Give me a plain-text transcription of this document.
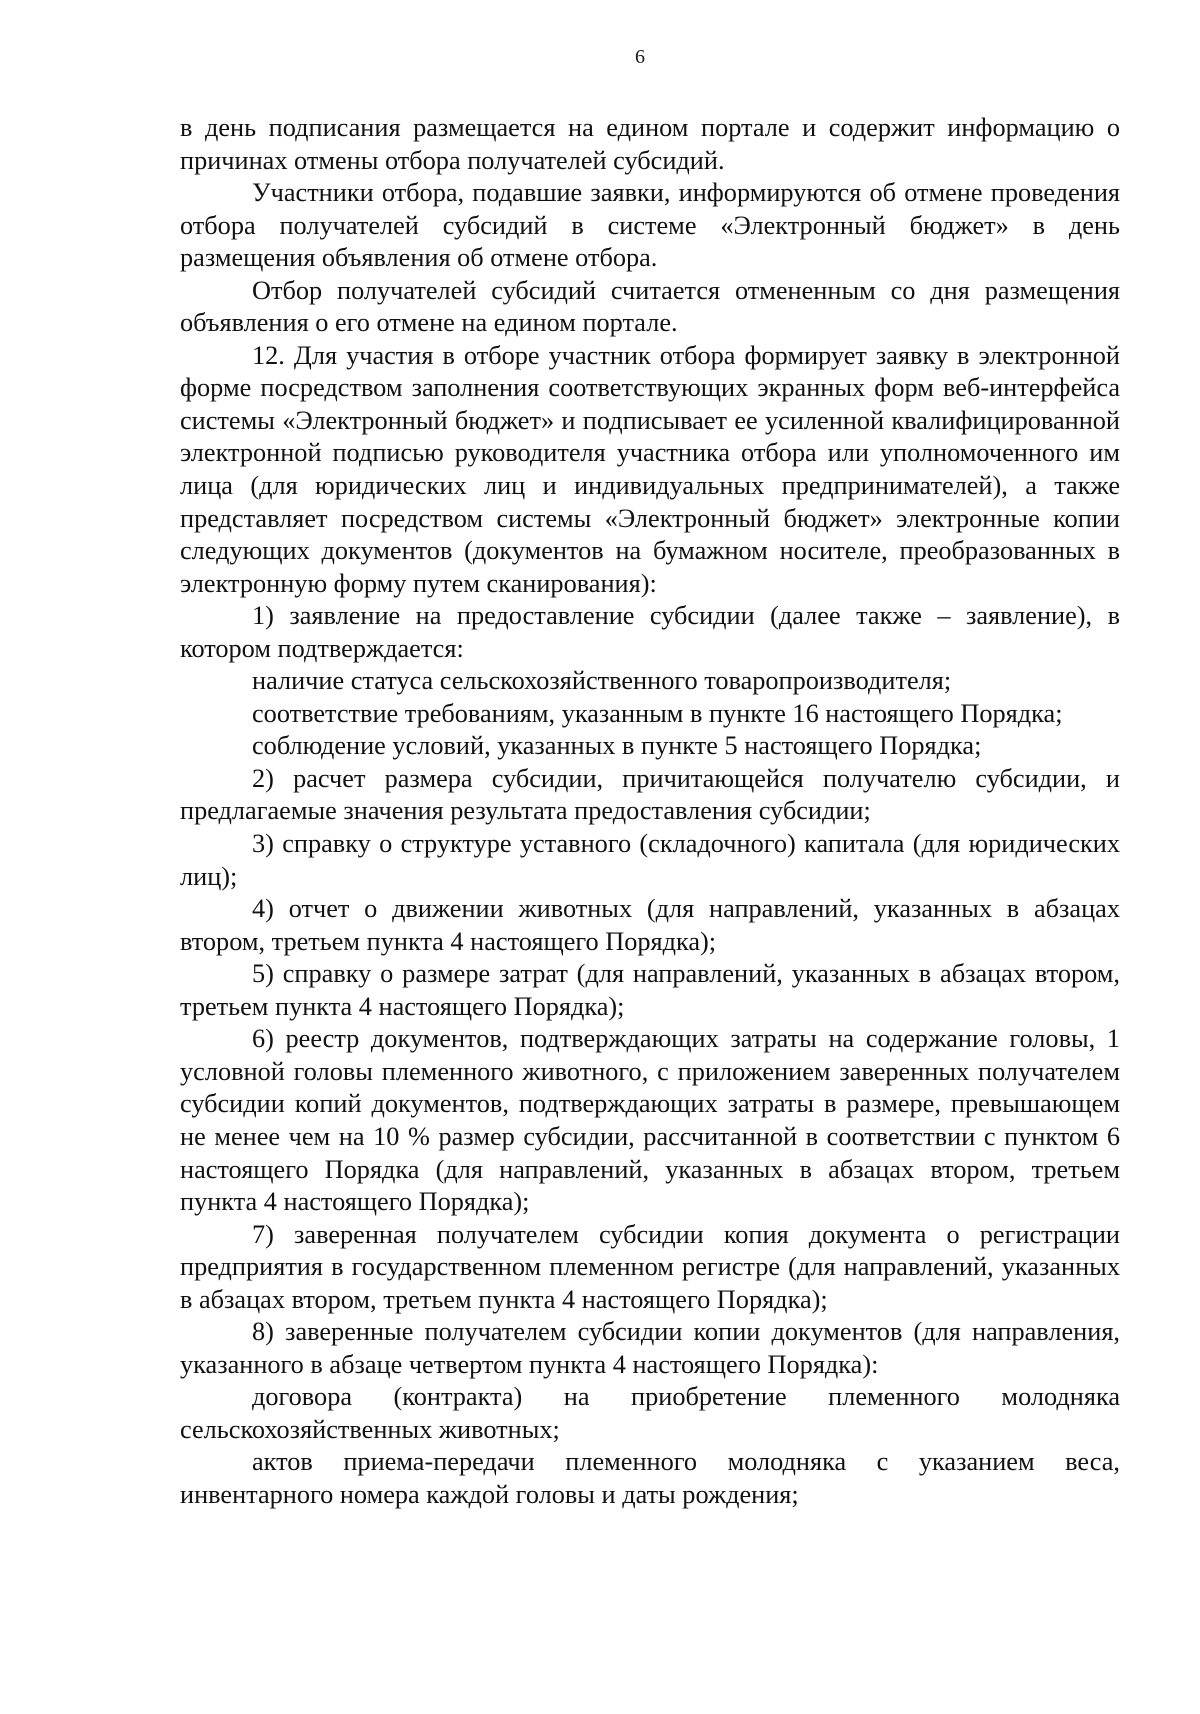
6

в день подписания размещается на едином портале и содержит информацию о причинах отмены отбора получателей субсидий.

Участники отбора, подавшие заявки, информируются об отмене проведения отбора получателей субсидий в системе «Электронный бюджет» в день размещения объявления об отмене отбора.

Отбор получателей субсидий считается отмененным со дня размещения объявления о его отмене на едином портале.

12. Для участия в отборе участник отбора формирует заявку в электронной форме посредством заполнения соответствующих экранных форм веб-интерфейса системы «Электронный бюджет» и подписывает ее усиленной квалифицированной электронной подписью руководителя участника отбора или уполномоченного им лица (для юридических лиц и индивидуальных предпринимателей), а также представляет посредством системы «Электронный бюджет» электронные копии следующих документов (документов на бумажном носителе, преобразованных в электронную форму путем сканирования):

1) заявление на предоставление субсидии (далее также – заявление), в котором подтверждается:

наличие статуса сельскохозяйственного товаропроизводителя;

соответствие требованиям, указанным в пункте 16 настоящего Порядка;

соблюдение условий, указанных в пункте 5 настоящего Порядка;

2) расчет размера субсидии, причитающейся получателю субсидии, и предлагаемые значения результата предоставления субсидии;

3) справку о структуре уставного (складочного) капитала (для юридических лиц);

4) отчет о движении животных (для направлений, указанных в абзацах втором, третьем пункта 4 настоящего Порядка);

5) справку о размере затрат (для направлений, указанных в абзацах втором, третьем пункта 4 настоящего Порядка);

6) реестр документов, подтверждающих затраты на содержание головы, 1 условной головы племенного животного, с приложением заверенных получателем субсидии копий документов, подтверждающих затраты в размере, превышающем не менее чем на 10 % размер субсидии, рассчитанной в соответствии с пунктом 6 настоящего Порядка (для направлений, указанных в абзацах втором, третьем пункта 4 настоящего Порядка);

7) заверенная получателем субсидии копия документа о регистрации предприятия в государственном племенном регистре (для направлений, указанных в абзацах втором, третьем пункта 4 настоящего Порядка);

8) заверенные получателем субсидии копии документов (для направления, указанного в абзаце четвертом пункта 4 настоящего Порядка):

договора (контракта) на приобретение племенного молодняка сельскохозяйственных животных;

актов приема-передачи племенного молодняка с указанием веса, инвентарного номера каждой головы и даты рождения;
